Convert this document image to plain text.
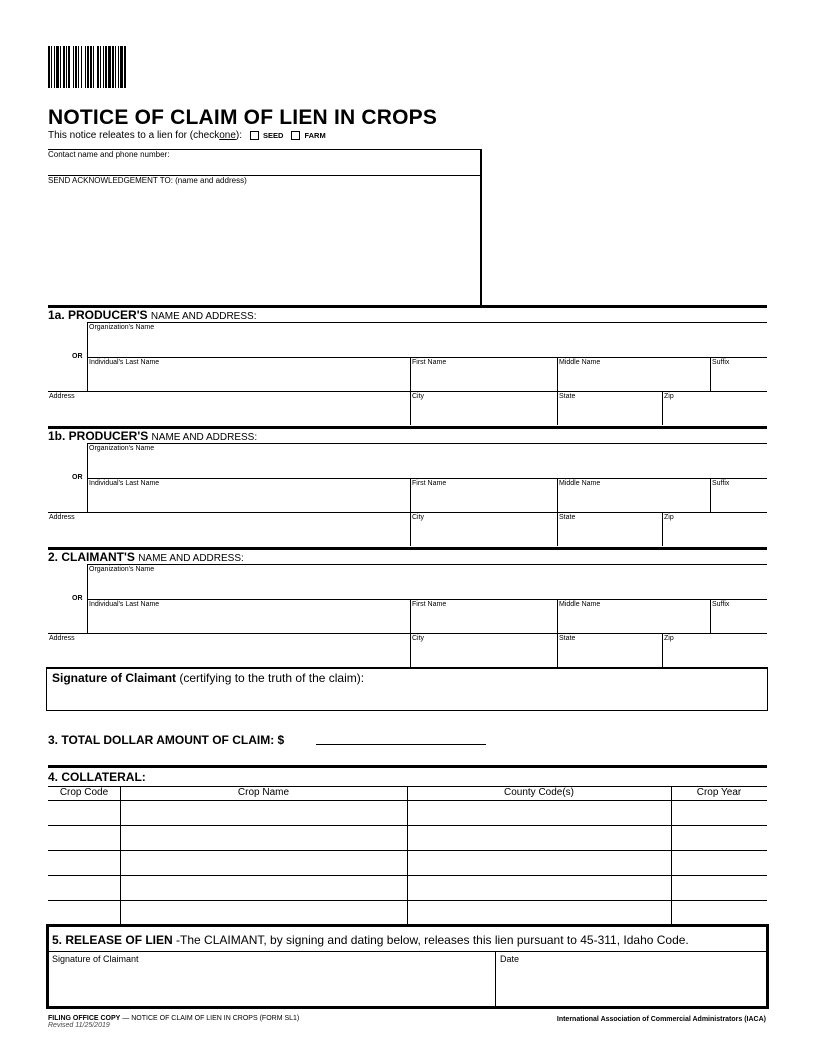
NOTICE OF CLAIM OF LIEN IN CROPS
This notice releates to a lien for (check one ):	SEED	FARM
Contact name and phone number:
SEND ACKNOWLEDGEMENT TO: (name and address)
1a. PRODUCER'S NAME AND ADDRESS:
Organization's Name
OR
Individual's Last Name	First Name	Middle Name	Suffix
Address	City	State	Zip
1b. PRODUCER'S NAME AND ADDRESS:
Organization's Name
OR
Individual's Last Name	First Name	Middle Name	Suffix
Address	City	State	Zip
2. CLAIMANT'S NAME AND ADDRESS:
Organization's Name
OR
Individual's Last Name	First Name	Middle Name	Suffix
Address	City	State	Zip
Signature of Claimant (certifying to the truth of the claim):
3. TOTAL DOLLAR AMOUNT OF CLAIM: $
4. COLLATERAL:
Crop Code	Crop Name	County Code(s)	Crop Year
5. RELEASE OF LIEN -The CLAIMANT, by signing and dating below, releases this lien pursuant to 45-311, Idaho Code.
Signature of Claimant	Date
FILING OFFICE COPY — NOTICE OF CLAIM OF LIEN IN CROPS (FORM SL1)
Revised 11/25/2019
International Association of Commercial Administrators (IACA)
